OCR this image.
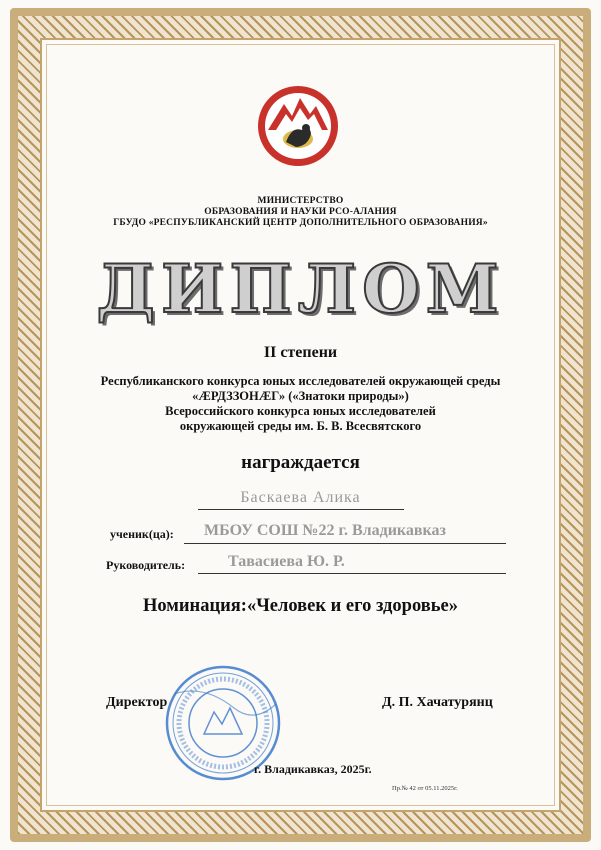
МИНИСТЕРСТВО
ОБРАЗОВАНИЯ И НАУКИ РСО-АЛАНИЯ
ГБУДО «РЕСПУБЛИКАНСКИЙ ЦЕНТР ДОПОЛНИТЕЛЬНОГО ОБРАЗОВАНИЯ»
ДИПЛОМ
II степени
Республиканского конкурса юных исследователей окружающей среды
«ÆРДЗЗОНÆГ» («Знатоки природы»)
Всероссийского конкурса юных исследователей
окружающей среды им. Б. В. Всесвятского
награждается
Баскаева Алика
ученик(ца): МБОУ СОШ №22 г. Владикавказ
Руководитель:	Тавасиева Ю. Р.
Номинация:«Человек и его здоровье»
Директор	Д. П. Хачатурянц
г. Владикавказ, 2025г.
Пр.№ 42 от 05.11.2025г.
